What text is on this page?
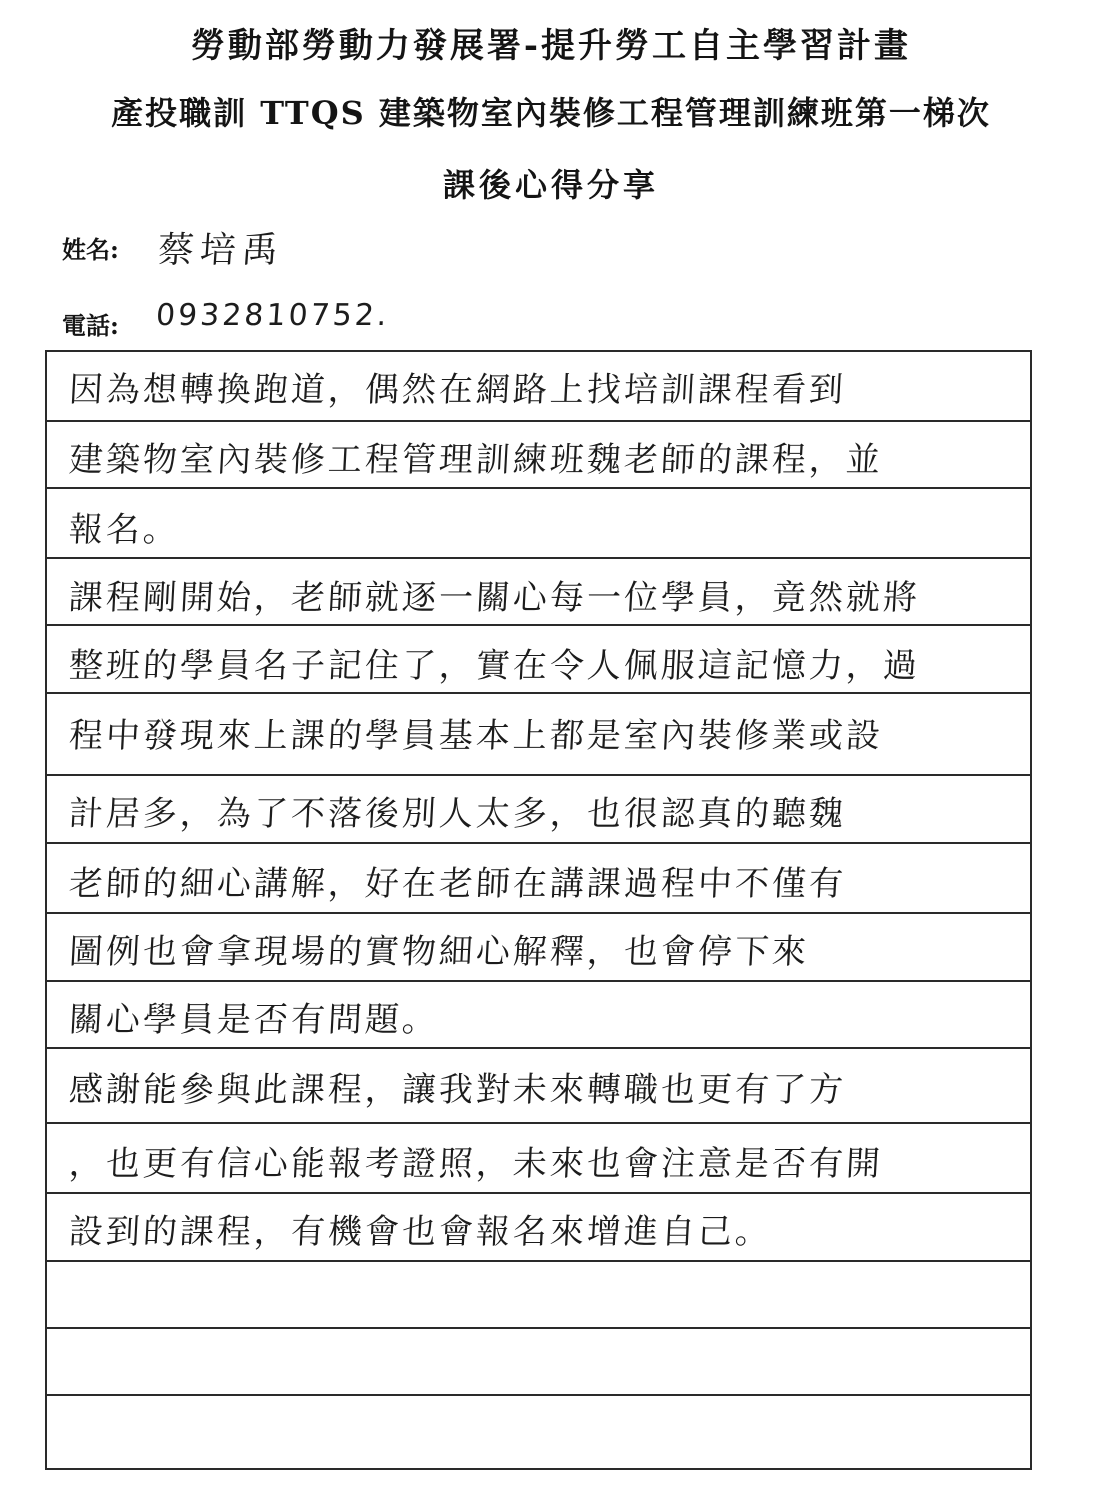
勞動部勞動力發展署-提升勞工自主學習計畫
產投職訓 TTQS 建築物室內裝修工程管理訓練班第一梯次
課後心得分享
姓名: 蔡培禹
電話: 0932810752.
因為想轉換跑道，偶然在網路上找培訓課程看到
建築物室內裝修工程管理訓練班魏老師的課程，並
報名。
課程剛開始，老師就逐一關心每一位學員，竟然就將
整班的學員名子記住了，實在令人佩服這記憶力，過
程中發現來上課的學員基本上都是室內裝修業或設
計居多，為了不落後別人太多，也很認真的聽魏
老師的細心講解，好在老師在講課過程中不僅有
圖例也會拿現場的實物細心解釋，也會停下來
關心學員是否有問題。
感謝能參與此課程，讓我對未來轉職也更有了方
，也更有信心能報考證照，未來也會注意是否有開
設到的課程，有機會也會報名來增進自己。
